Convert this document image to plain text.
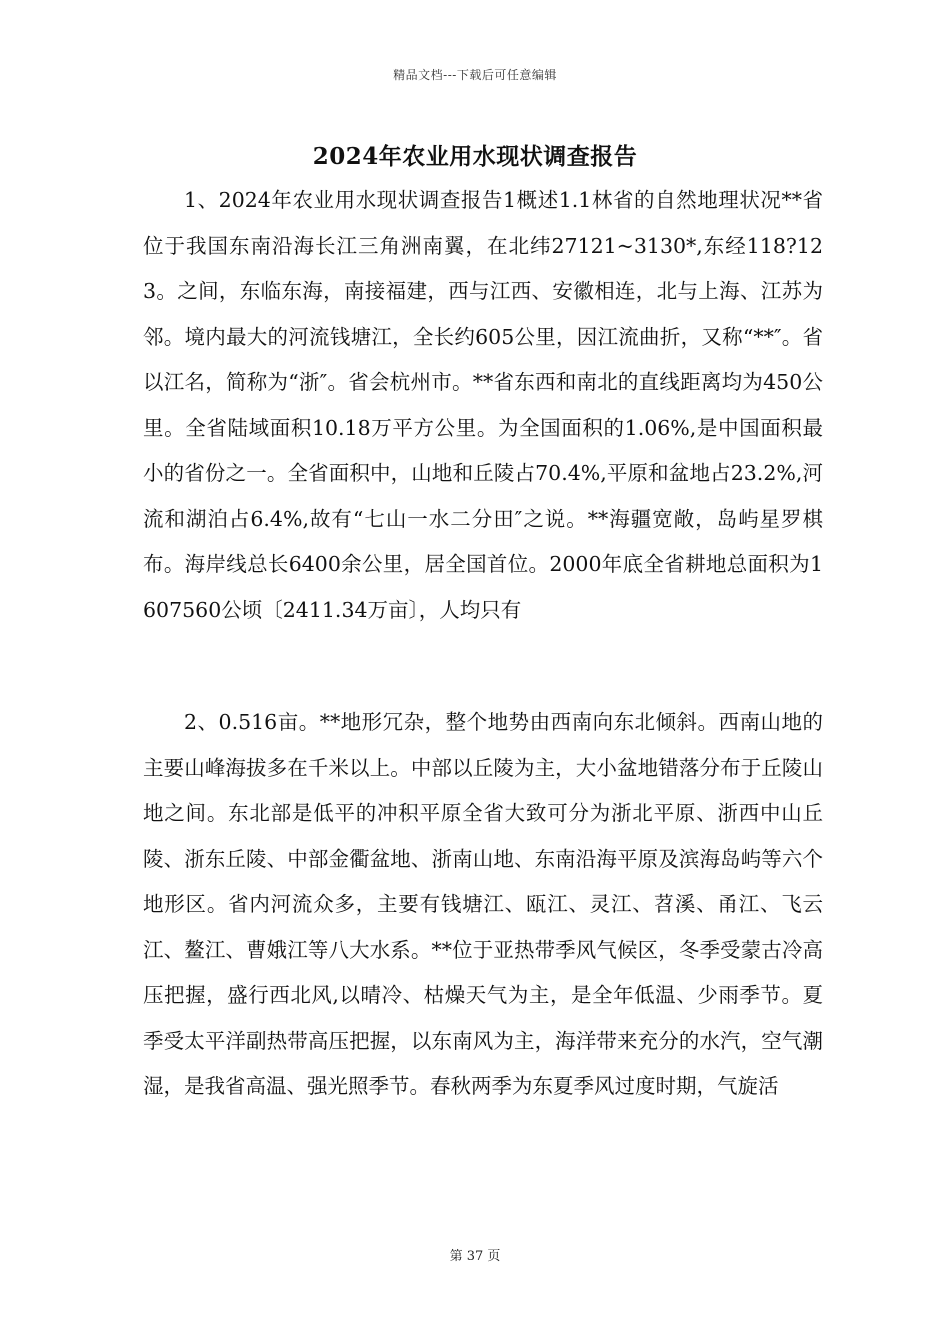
精品文档---下载后可任意编辑
2024年农业用水现状调查报告

1、2024年农业用水现状调查报告1概述1.1林省的自然地理状况**省位于我国东南沿海长江三角洲南翼，在北纬27121~3130*,东经118?123。之间，东临东海，南接福建，西与江西、安徽相连，北与上海、江苏为邻。境内最大的河流钱塘江，全长约605公里，因江流曲折，又称“**″。省以江名，简称为“浙″。省会杭州市。**省东西和南北的直线距离均为450公里。全省陆域面积10.18万平方公里。为全国面积的1.06%,是中国面积最小的省份之一。全省面积中，山地和丘陵占70.4%,平原和盆地占23.2%,河流和湖泊占6.4%,故有“七山一水二分田″之说。**海疆宽敞，岛屿星罗棋布。海岸线总长6400余公里，居全国首位。2000年底全省耕地总面积为1607560公顷〔2411.34万亩〕，人均只有

2、0.516亩。**地形冗杂，整个地势由西南向东北倾斜。西南山地的主要山峰海拔多在千米以上。中部以丘陵为主，大小盆地错落分布于丘陵山地之间。东北部是低平的冲积平原全省大致可分为浙北平原、浙西中山丘陵、浙东丘陵、中部金衢盆地、浙南山地、东南沿海平原及滨海岛屿等六个地形区。省内河流众多，主要有钱塘江、瓯江、灵江、苕溪、甬江、飞云江、鳌江、曹娥江等八大水系。**位于亚热带季风气候区，冬季受蒙古冷高压把握，盛行西北风,以晴冷、枯燥天气为主，是全年低温、少雨季节。夏季受太平洋副热带高压把握，以东南风为主，海洋带来充分的水汽，空气潮湿，是我省高温、强光照季节。春秋两季为东夏季风过度时期，气旋活

第 37 页
